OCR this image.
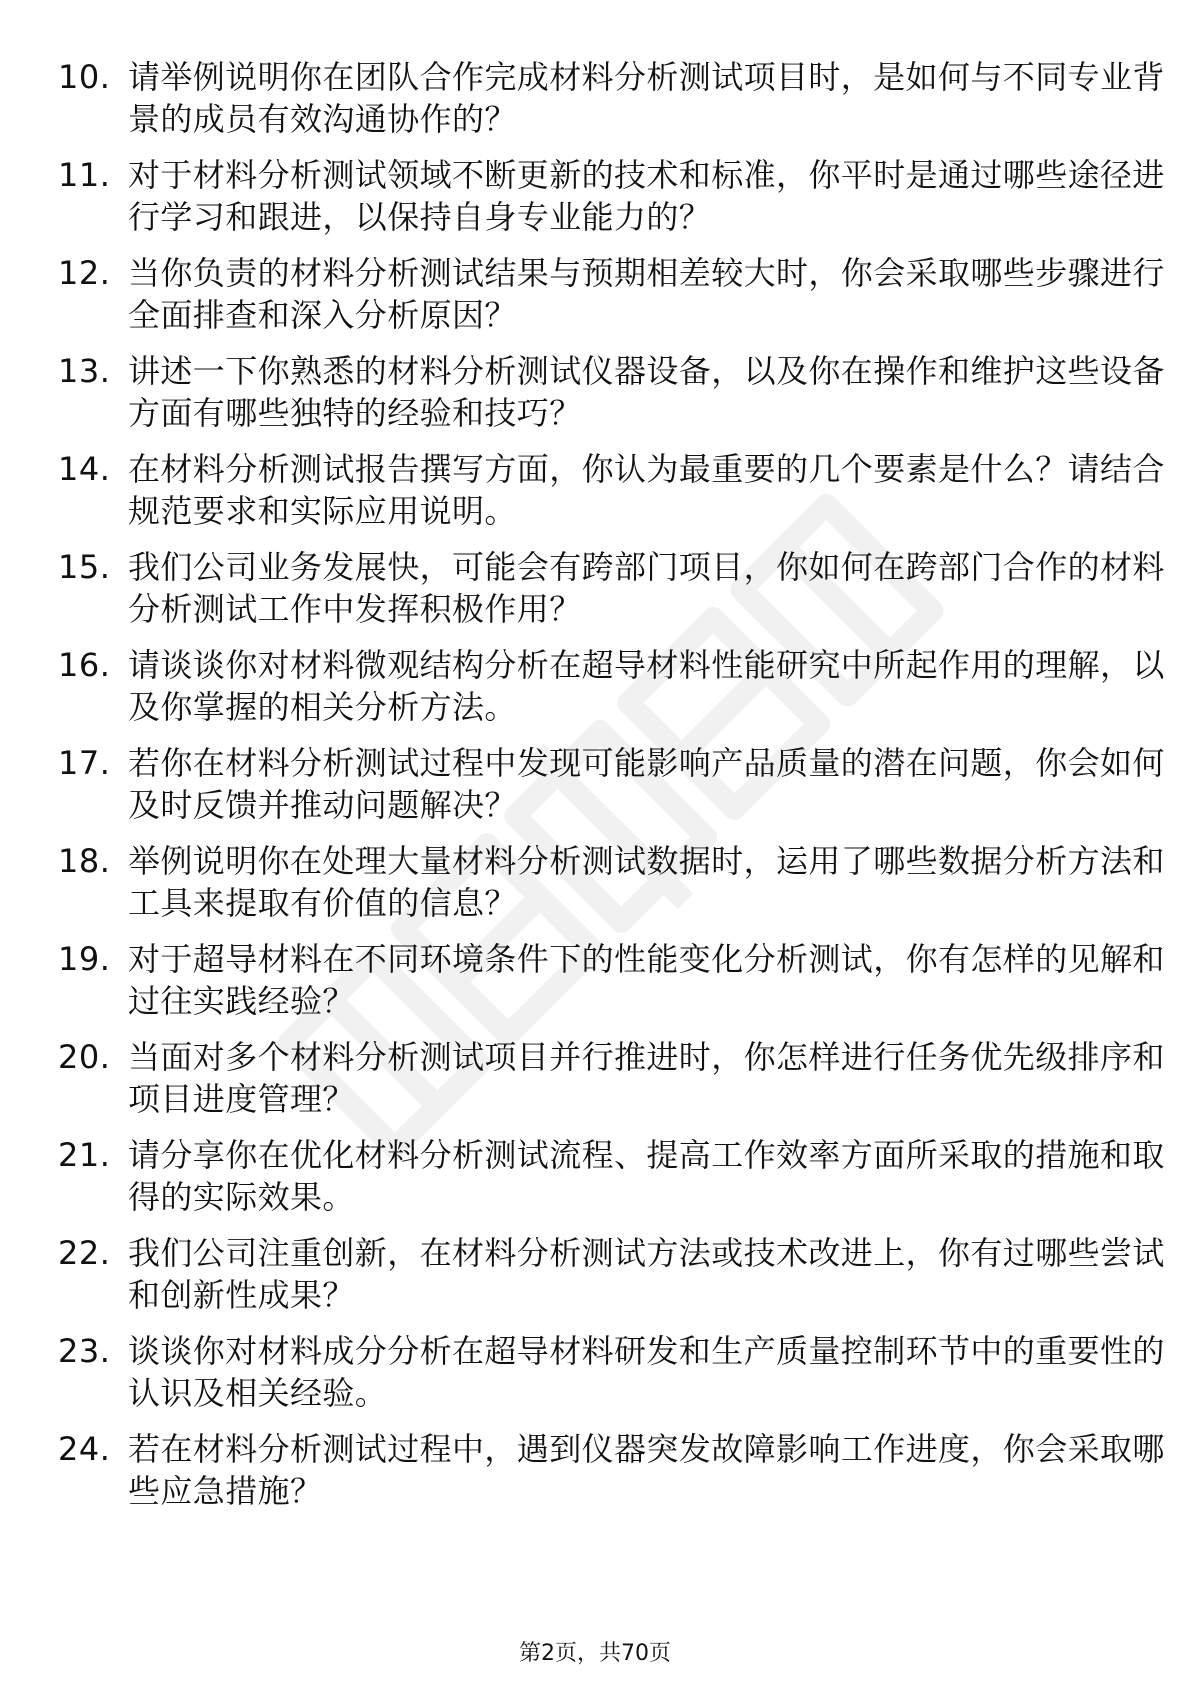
10. 请举例说明你在团队合作完成材料分析测试项目时，是如何与不同专业背景的成员有效沟通协作的？
11. 对于材料分析测试领域不断更新的技术和标准，你平时是通过哪些途径进行学习和跟进，以保持自身专业能力的？
12. 当你负责的材料分析测试结果与预期相差较大时，你会采取哪些步骤进行全面排查和深入分析原因？
13. 讲述一下你熟悉的材料分析测试仪器设备，以及你在操作和维护这些设备方面有哪些独特的经验和技巧？
14. 在材料分析测试报告撰写方面，你认为最重要的几个要素是什么？请结合规范要求和实际应用说明。
15. 我们公司业务发展快，可能会有跨部门项目，你如何在跨部门合作的材料分析测试工作中发挥积极作用？
16. 请谈谈你对材料微观结构分析在超导材料性能研究中所起作用的理解，以及你掌握的相关分析方法。
17. 若你在材料分析测试过程中发现可能影响产品质量的潜在问题，你会如何及时反馈并推动问题解决？
18. 举例说明你在处理大量材料分析测试数据时，运用了哪些数据分析方法和工具来提取有价值的信息？
19. 对于超导材料在不同环境条件下的性能变化分析测试，你有怎样的见解和过往实践经验？
20. 当面对多个材料分析测试项目并行推进时，你怎样进行任务优先级排序和项目进度管理？
21. 请分享你在优化材料分析测试流程、提高工作效率方面所采取的措施和取得的实际效果。
22. 我们公司注重创新，在材料分析测试方法或技术改进上，你有过哪些尝试和创新性成果？
23. 谈谈你对材料成分分析在超导材料研发和生产质量控制环节中的重要性的认识及相关经验。
24. 若在材料分析测试过程中，遇到仪器突发故障影响工作进度，你会采取哪些应急措施？
第2页，共70页
